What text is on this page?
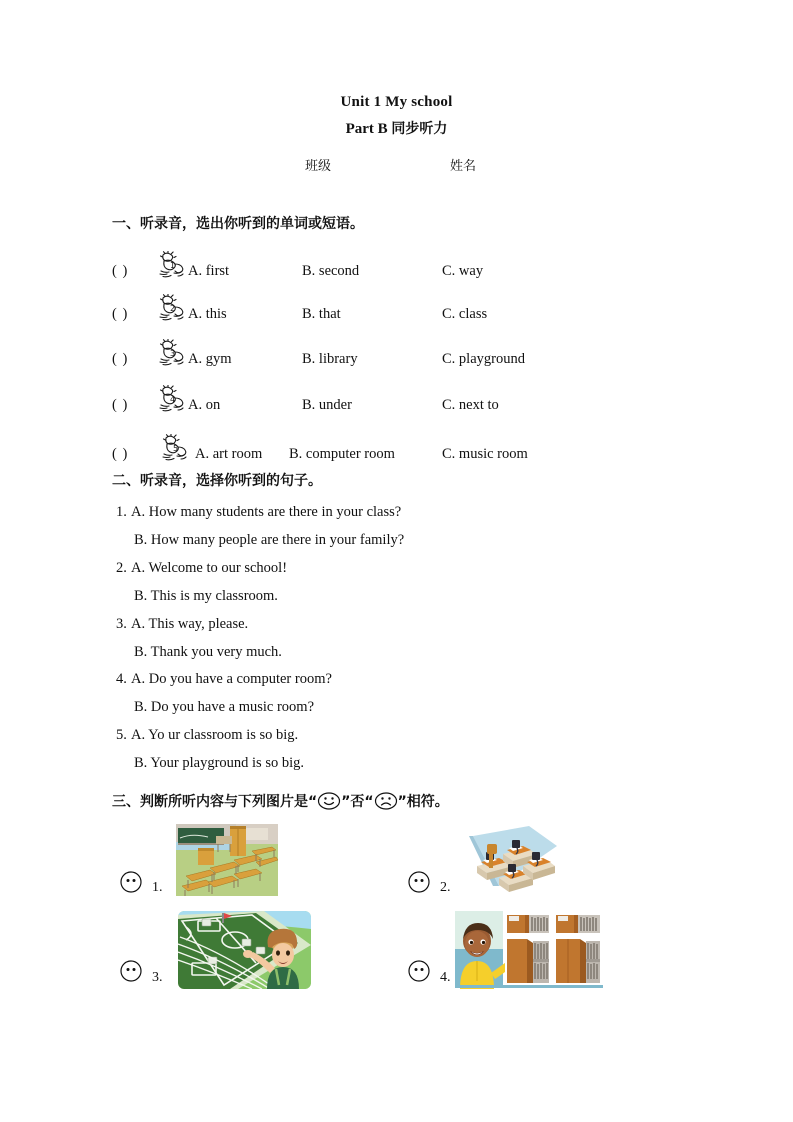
Unit 1 My school
Part B 同步听力
班级	姓名
一、听录音，选出你听到的单词或短语。
( )	1 A. first	B. second	C. way
( )	2 A. this	B. that	C. class
( )	3 A. gym	B. library	C. playground
( )	4 A. on	B. under	C. next to
( )	5 A. art room B. computer room	C. music room
二、听录音，选择你听到的句子。
1. A. How many students are there in your class?
B. How many people are there in your family?
2. A. Welcome to our school!
B. This is my classroom.
3. A. This way, please.
B. Thank you very much.
4. A. Do you have a computer room?
B. Do you have a music room?
5. A. Yo ur classroom is so big.
B. Your playground is so big.
三、判断所听内容与下列图片是“ ”否“ ”相符。
1.	2.
3.	4.
